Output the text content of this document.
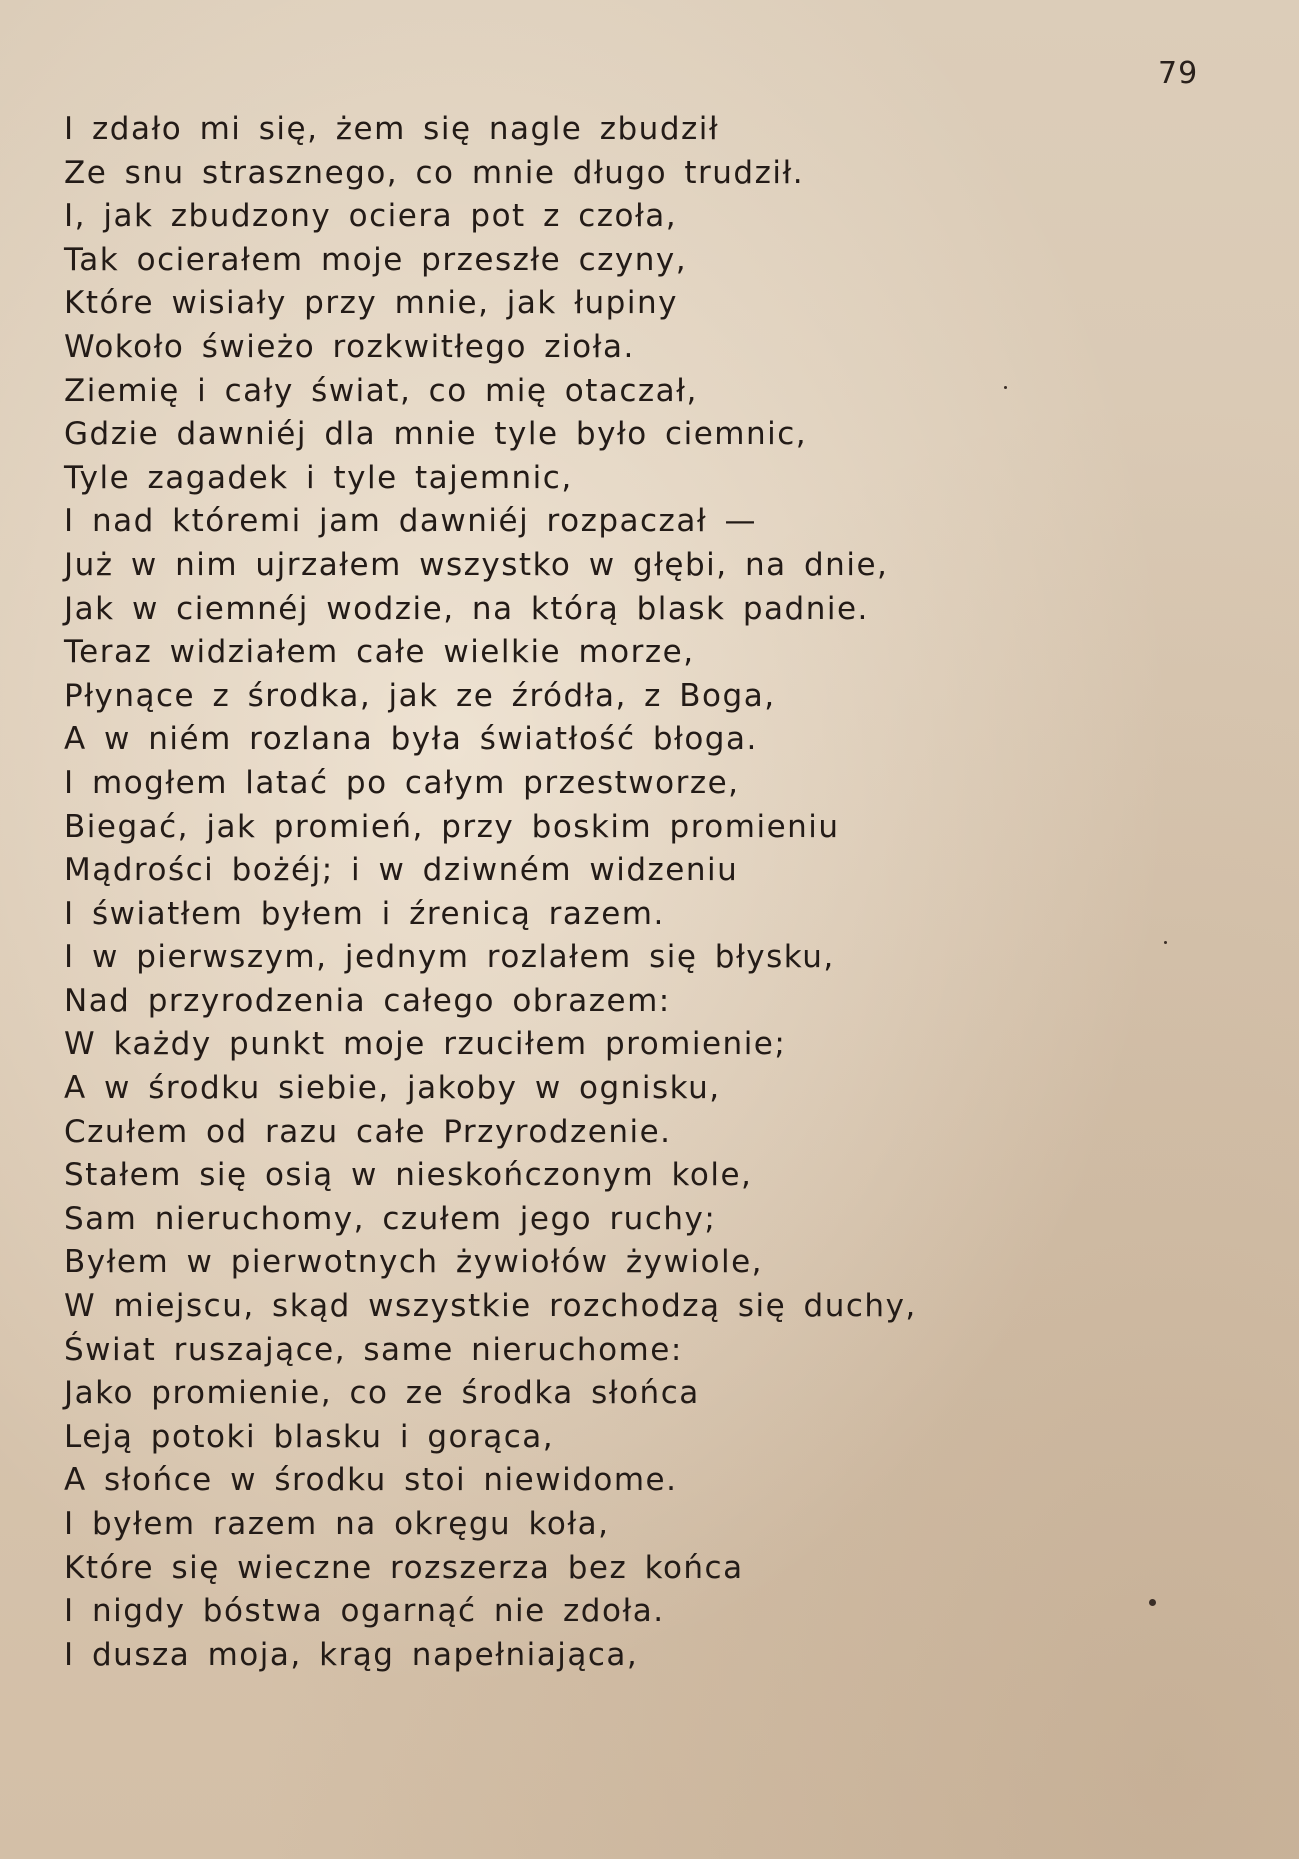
79
I zdało mi się, żem się nagle zbudził
Ze snu strasznego, co mnie długo trudził.
I, jak zbudzony ociera pot z czoła,
Tak ocierałem moje przeszłe czyny,
Które wisiały przy mnie, jak łupiny
Wokoło świeżo rozkwitłego zioła.
Ziemię i cały świat, co mię otaczał,
Gdzie dawniéj dla mnie tyle było ciemnic,
Tyle zagadek i tyle tajemnic,
I nad któremi jam dawniéj rozpaczał —
Już w nim ujrzałem wszystko w głębi, na dnie,
Jak w ciemnéj wodzie, na którą blask padnie.
Teraz widziałem całe wielkie morze,
Płynące z środka, jak ze źródła, z Boga,
A w niém rozlana była światłość błoga.
I mogłem latać po całym przestworze,
Biegać, jak promień, przy boskim promieniu
Mądrości bożéj; i w dziwném widzeniu
I światłem byłem i źrenicą razem.
I w pierwszym, jednym rozlałem się błysku,
Nad przyrodzenia całego obrazem:
W każdy punkt moje rzuciłem promienie;
A w środku siebie, jakoby w ognisku,
Czułem od razu całe Przyrodzenie.
Stałem się osią w nieskończonym kole,
Sam nieruchomy, czułem jego ruchy;
Byłem w pierwotnych żywiołów żywiole,
W miejscu, skąd wszystkie rozchodzą się duchy,
Świat ruszające, same nieruchome:
Jako promienie, co ze środka słońca
Leją potoki blasku i gorąca,
A słońce w środku stoi niewidome.
I byłem razem na okręgu koła,
Które się wieczne rozszerza bez końca
I nigdy bóstwa ogarnąć nie zdoła.
I dusza moja, krąg napełniająca,
